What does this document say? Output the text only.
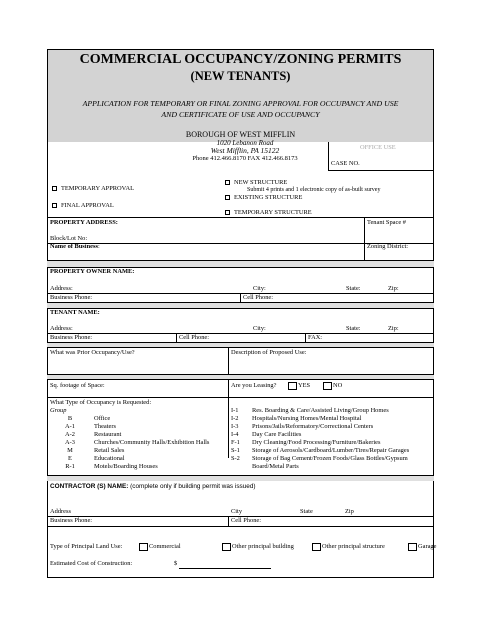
COMMERCIAL OCCUPANCY/ZONING PERMITS
(NEW TENANTS)
APPLICATION FOR TEMPORARY OR FINAL ZONING APPROVAL FOR OCCUPANCY AND USE
AND CERTIFICATE OF USE AND OCCUPANCY
BOROUGH OF WEST MIFFLIN
1020 Lebanon Road
West Mifflin, PA 15122
Phone 412.466.8170 FAX 412.466.8173
OFFICE USE
CASE NO.
TEMPORARY APPROVAL
FINAL APPROVAL
NEW STRUCTURE
Submit 4 prints and 1 electronic copy of as-built survey
EXISTING STRUCTURE
TEMPORARY STRUCTURE
PROPERTY ADDRESS:	Tenant Space #
Block/Lot No:
Name of Business:	Zoning District:
PROPERTY OWNER NAME:
Address:	City:	State:	Zip:
Business Phone:	Cell Phone:
TENANT NAME:
Address:	City:	State:	Zip:
Business Phone:	Cell Phone:	FAX:
What was Prior Occupancy/Use?	Description of Proposed Use:
Sq. footage of Space:	Are you Leasing?	YES	NO
What Type of Occupancy is Requested:
Group
B	Office
A-1	Theaters
A-2	Restaurant
A-3	Churches/Community Halls/Exhibition Halls
M	Retail Sales
E	Educational
R-1	Motels/Boarding Houses
I-1 Res. Boarding & Care/Assisted Living/Group Homes
I-2 Hospitals/Nursing Homes/Mental Hospital
I-3 Prisons/Jails/Reformatory/Correctional Centers
I-4 Day Care Facilities
F-1 Dry Cleaning/Food Processing/Furniture/Bakeries
S-1 Storage of Aerosols/Cardboard/Lumber/Tires/Repair Garages
S-2 Storage of Bag Cement/Frozen Foods/Glass Bottles/Gypsum
Board/Metal Parts
CONTRACTOR (S) NAME: (complete only if building permit was issued)
Address	City	State	Zip
Business Phone:	Cell Phone:
Type of Principal Land Use:	Commercial	Other principal building	Other principal structure	Garage
Estimated Cost of Construction:	$
